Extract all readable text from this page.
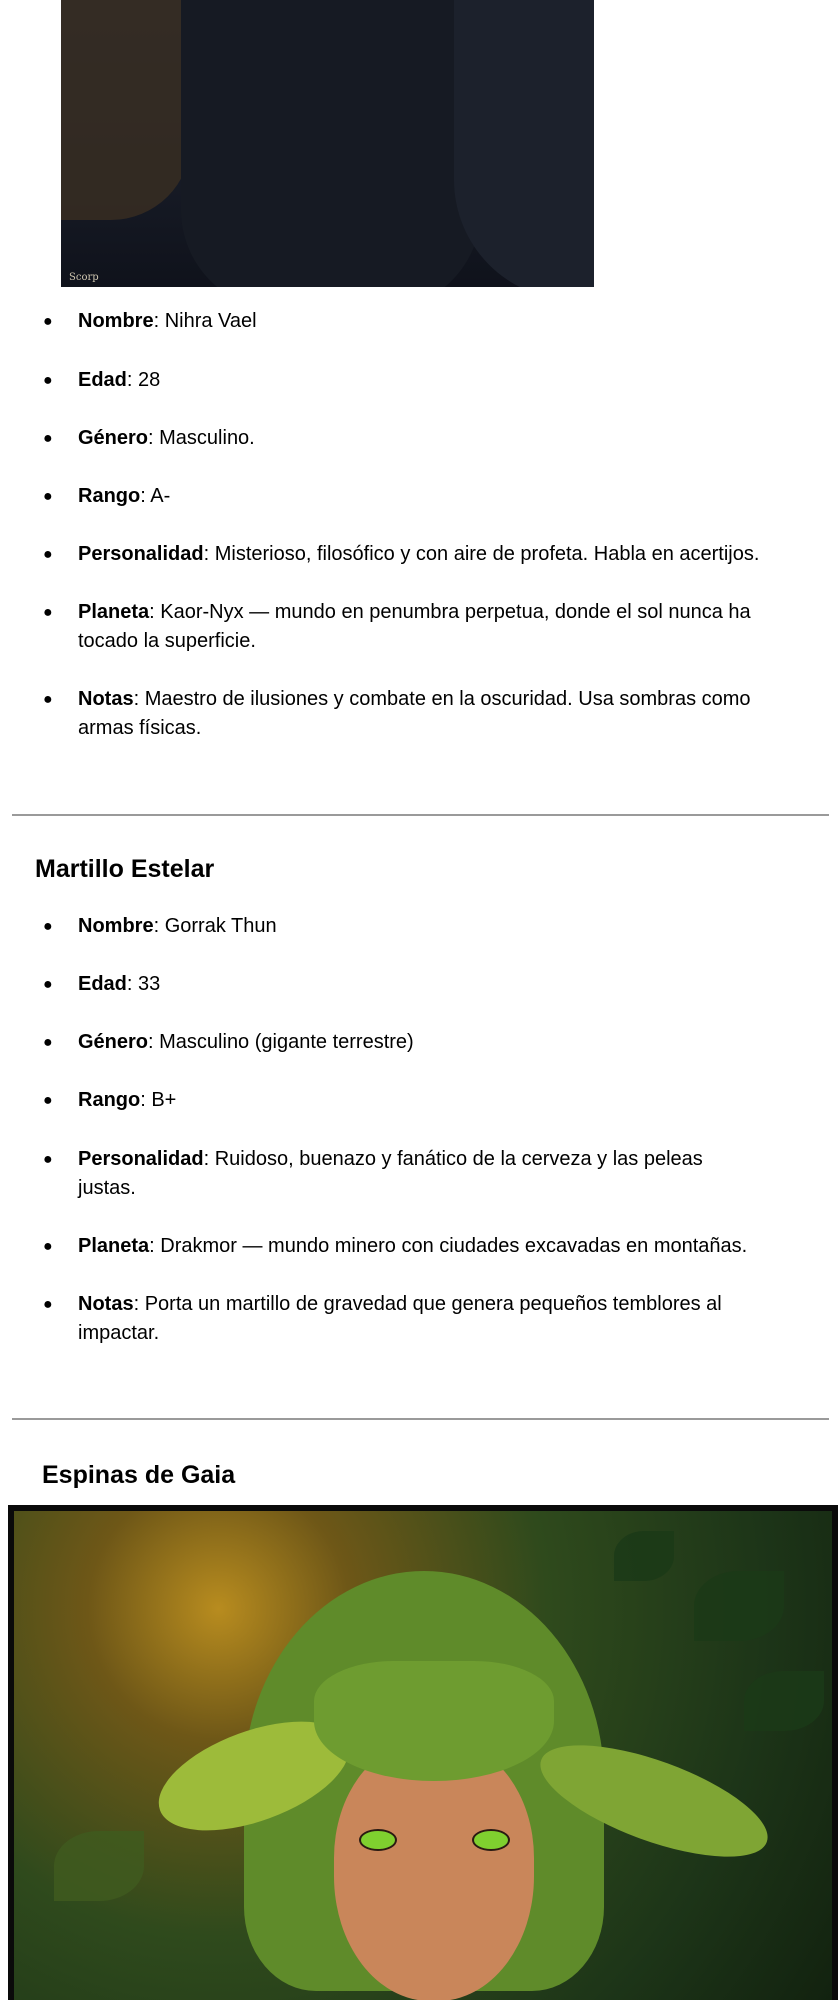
Scorp
● Nombre: Nihra Vael
● Edad: 28
● Género: Masculino.
● Rango: A-
● Personalidad: Misterioso, filosófico y con aire de profeta. Habla en acertijos.
● Planeta: Kaor-Nyx — mundo en penumbra perpetua, donde el sol nunca ha
tocado la superficie.
● Notas: Maestro de ilusiones y combate en la oscuridad. Usa sombras como
armas físicas.
Martillo Estelar
● Nombre: Gorrak Thun
● Edad: 33
● Género: Masculino (gigante terrestre)
● Rango: B+
● Personalidad: Ruidoso, buenazo y fanático de la cerveza y las peleas
justas.
● Planeta: Drakmor — mundo minero con ciudades excavadas en montañas.
● Notas: Porta un martillo de gravedad que genera pequeños temblores al
impactar.
Espinas de Gaia
